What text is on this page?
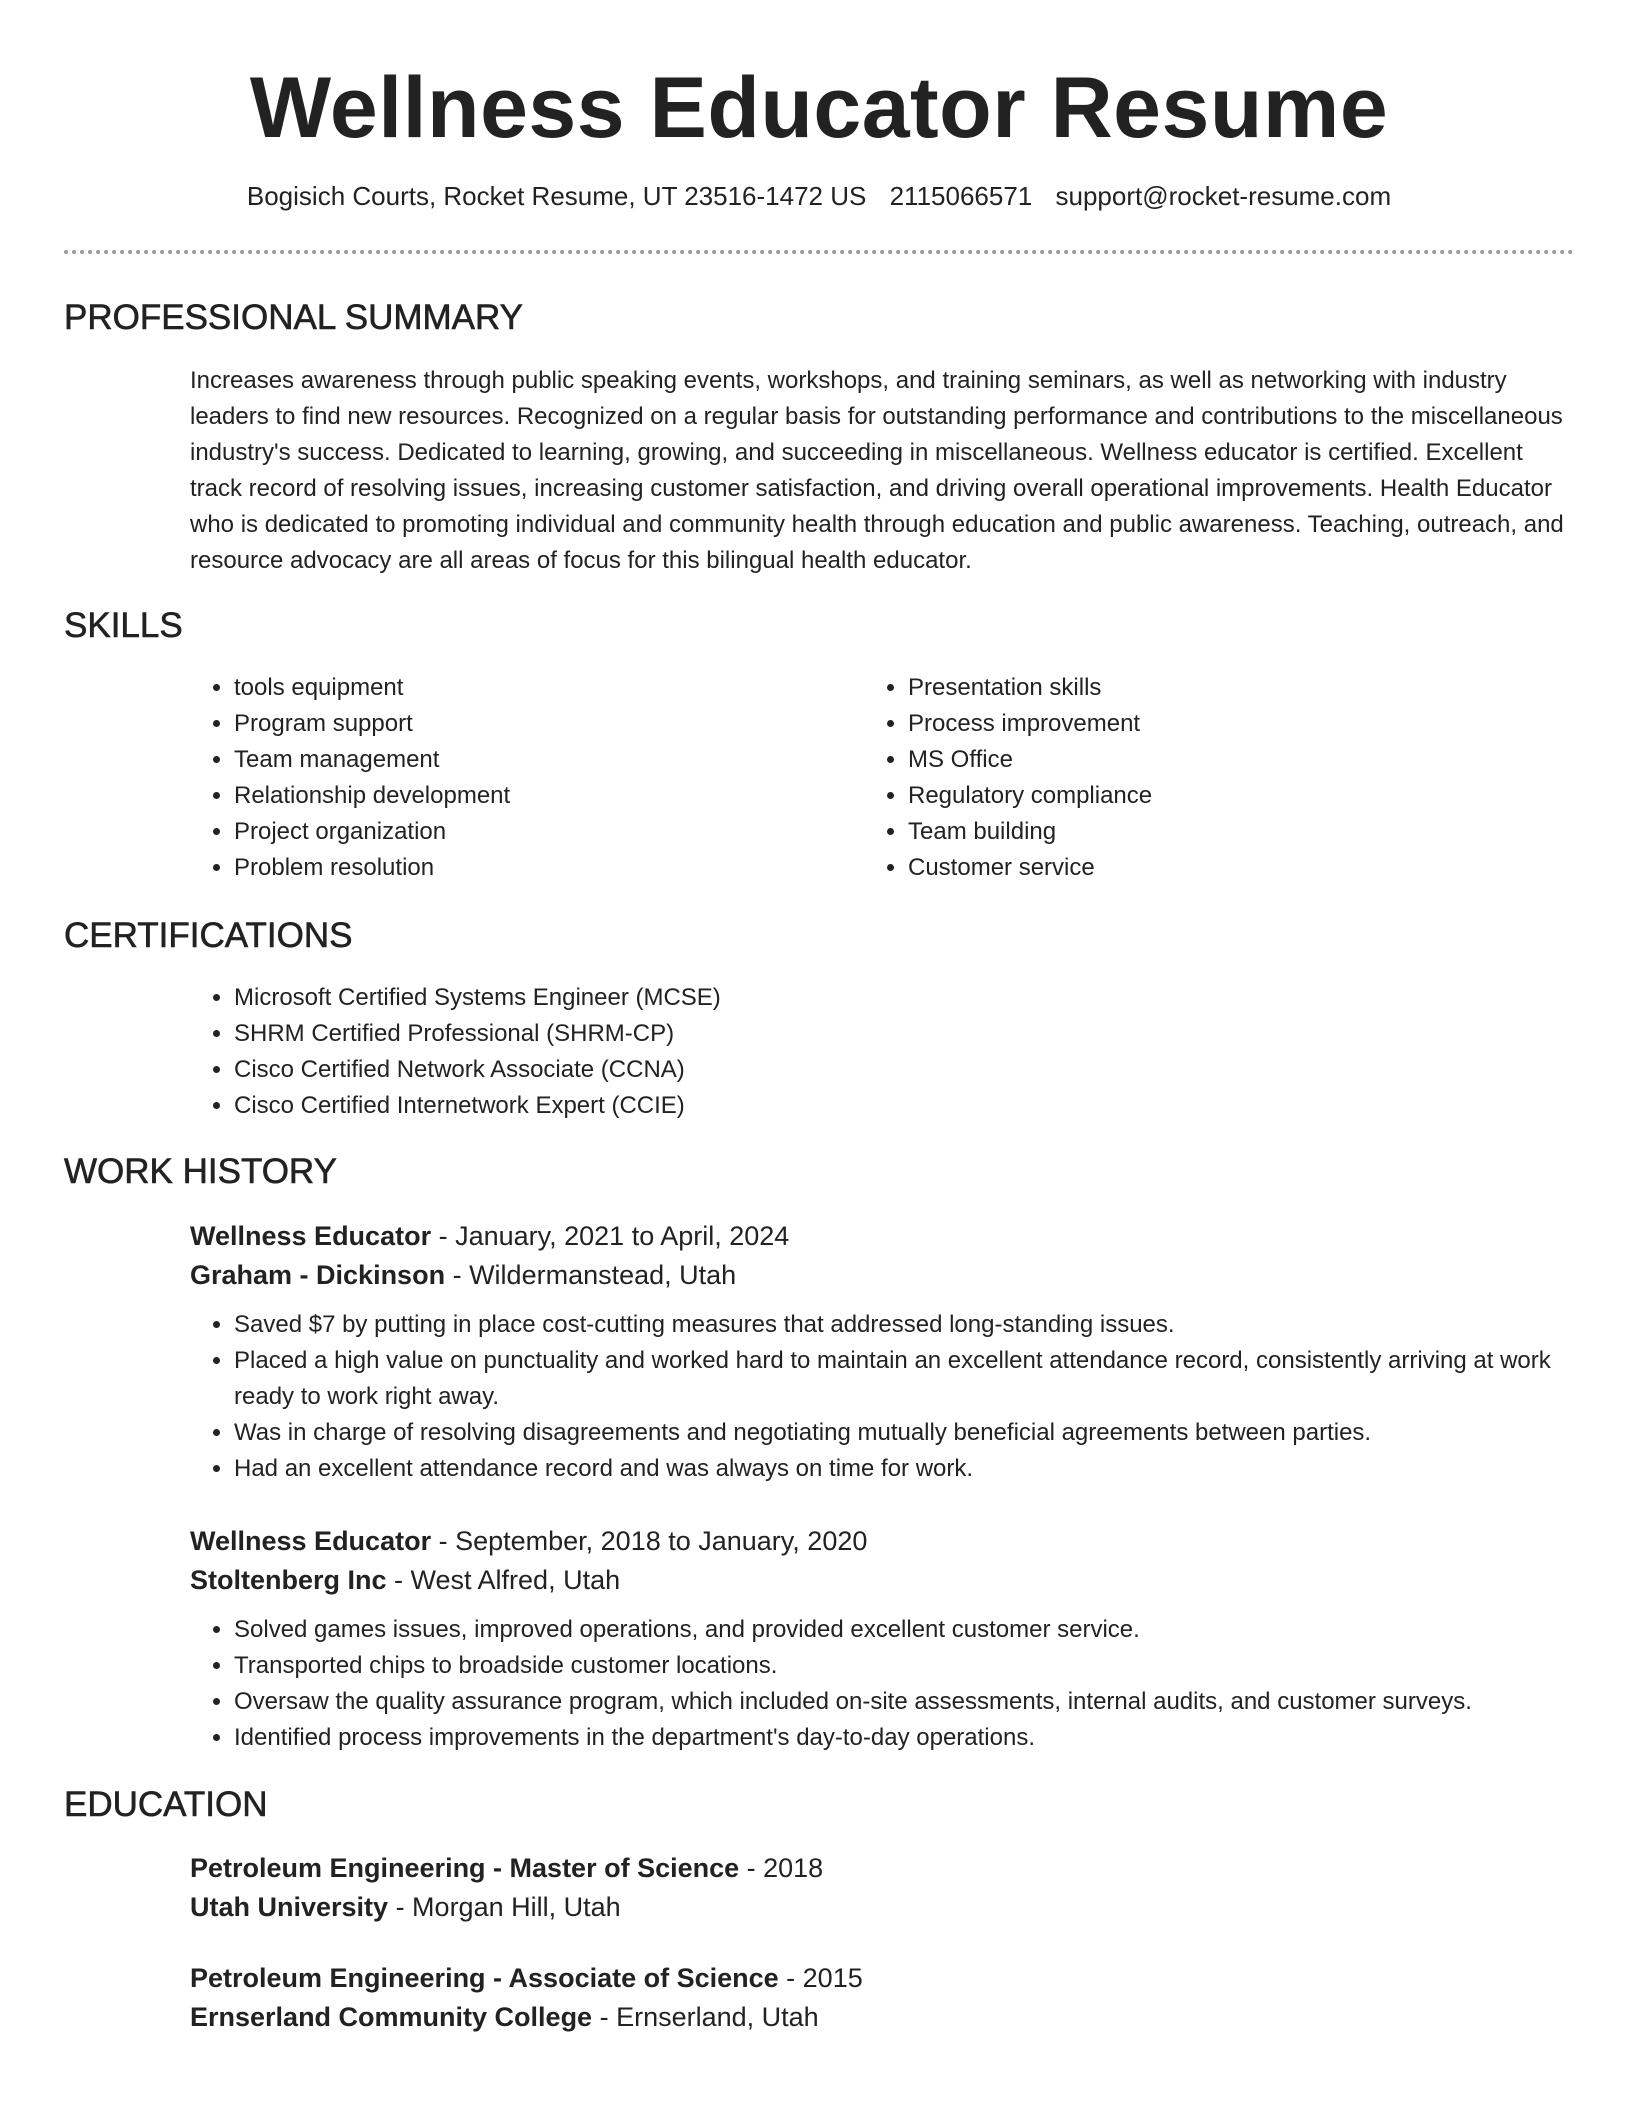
Wellness Educator Resume
Bogisich Courts, Rocket Resume, UT 23516-1472 US 2115066571 support@rocket-resume.com
PROFESSIONAL SUMMARY

Increases awareness through public speaking events, workshops, and training seminars, as well as networking with industry leaders to find new resources. Recognized on a regular basis for outstanding performance and contributions to the miscellaneous industry's success. Dedicated to learning, growing, and succeeding in miscellaneous. Wellness educator is certified. Excellent track record of resolving issues, increasing customer satisfaction, and driving overall operational improvements. Health Educator who is dedicated to promoting individual and community health through education and public awareness. Teaching, outreach, and resource advocacy are all areas of focus for this bilingual health educator.

SKILLS
• tools equipment
• Program support
• Team management
• Relationship development
• Project organization
• Problem resolution
• Presentation skills
• Process improvement
• MS Office
• Regulatory compliance
• Team building
• Customer service
CERTIFICATIONS
• Microsoft Certified Systems Engineer (MCSE)
• SHRM Certified Professional (SHRM-CP)
• Cisco Certified Network Associate (CCNA)
• Cisco Certified Internetwork Expert (CCIE)
WORK HISTORY
Wellness Educator - January, 2021 to April, 2024
Graham - Dickinson - Wildermanstead, Utah
• Saved $7 by putting in place cost-cutting measures that addressed long-standing issues.
• Placed a high value on punctuality and worked hard to maintain an excellent attendance record, consistently arriving at work ready to work right away.
• Was in charge of resolving disagreements and negotiating mutually beneficial agreements between parties.
• Had an excellent attendance record and was always on time for work.
Wellness Educator - September, 2018 to January, 2020
Stoltenberg Inc - West Alfred, Utah
• Solved games issues, improved operations, and provided excellent customer service.
• Transported chips to broadside customer locations.
• Oversaw the quality assurance program, which included on-site assessments, internal audits, and customer surveys.
• Identified process improvements in the department's day-to-day operations.
EDUCATION
Petroleum Engineering - Master of Science - 2018
Utah University - Morgan Hill, Utah
Petroleum Engineering - Associate of Science - 2015
Ernserland Community College - Ernserland, Utah
